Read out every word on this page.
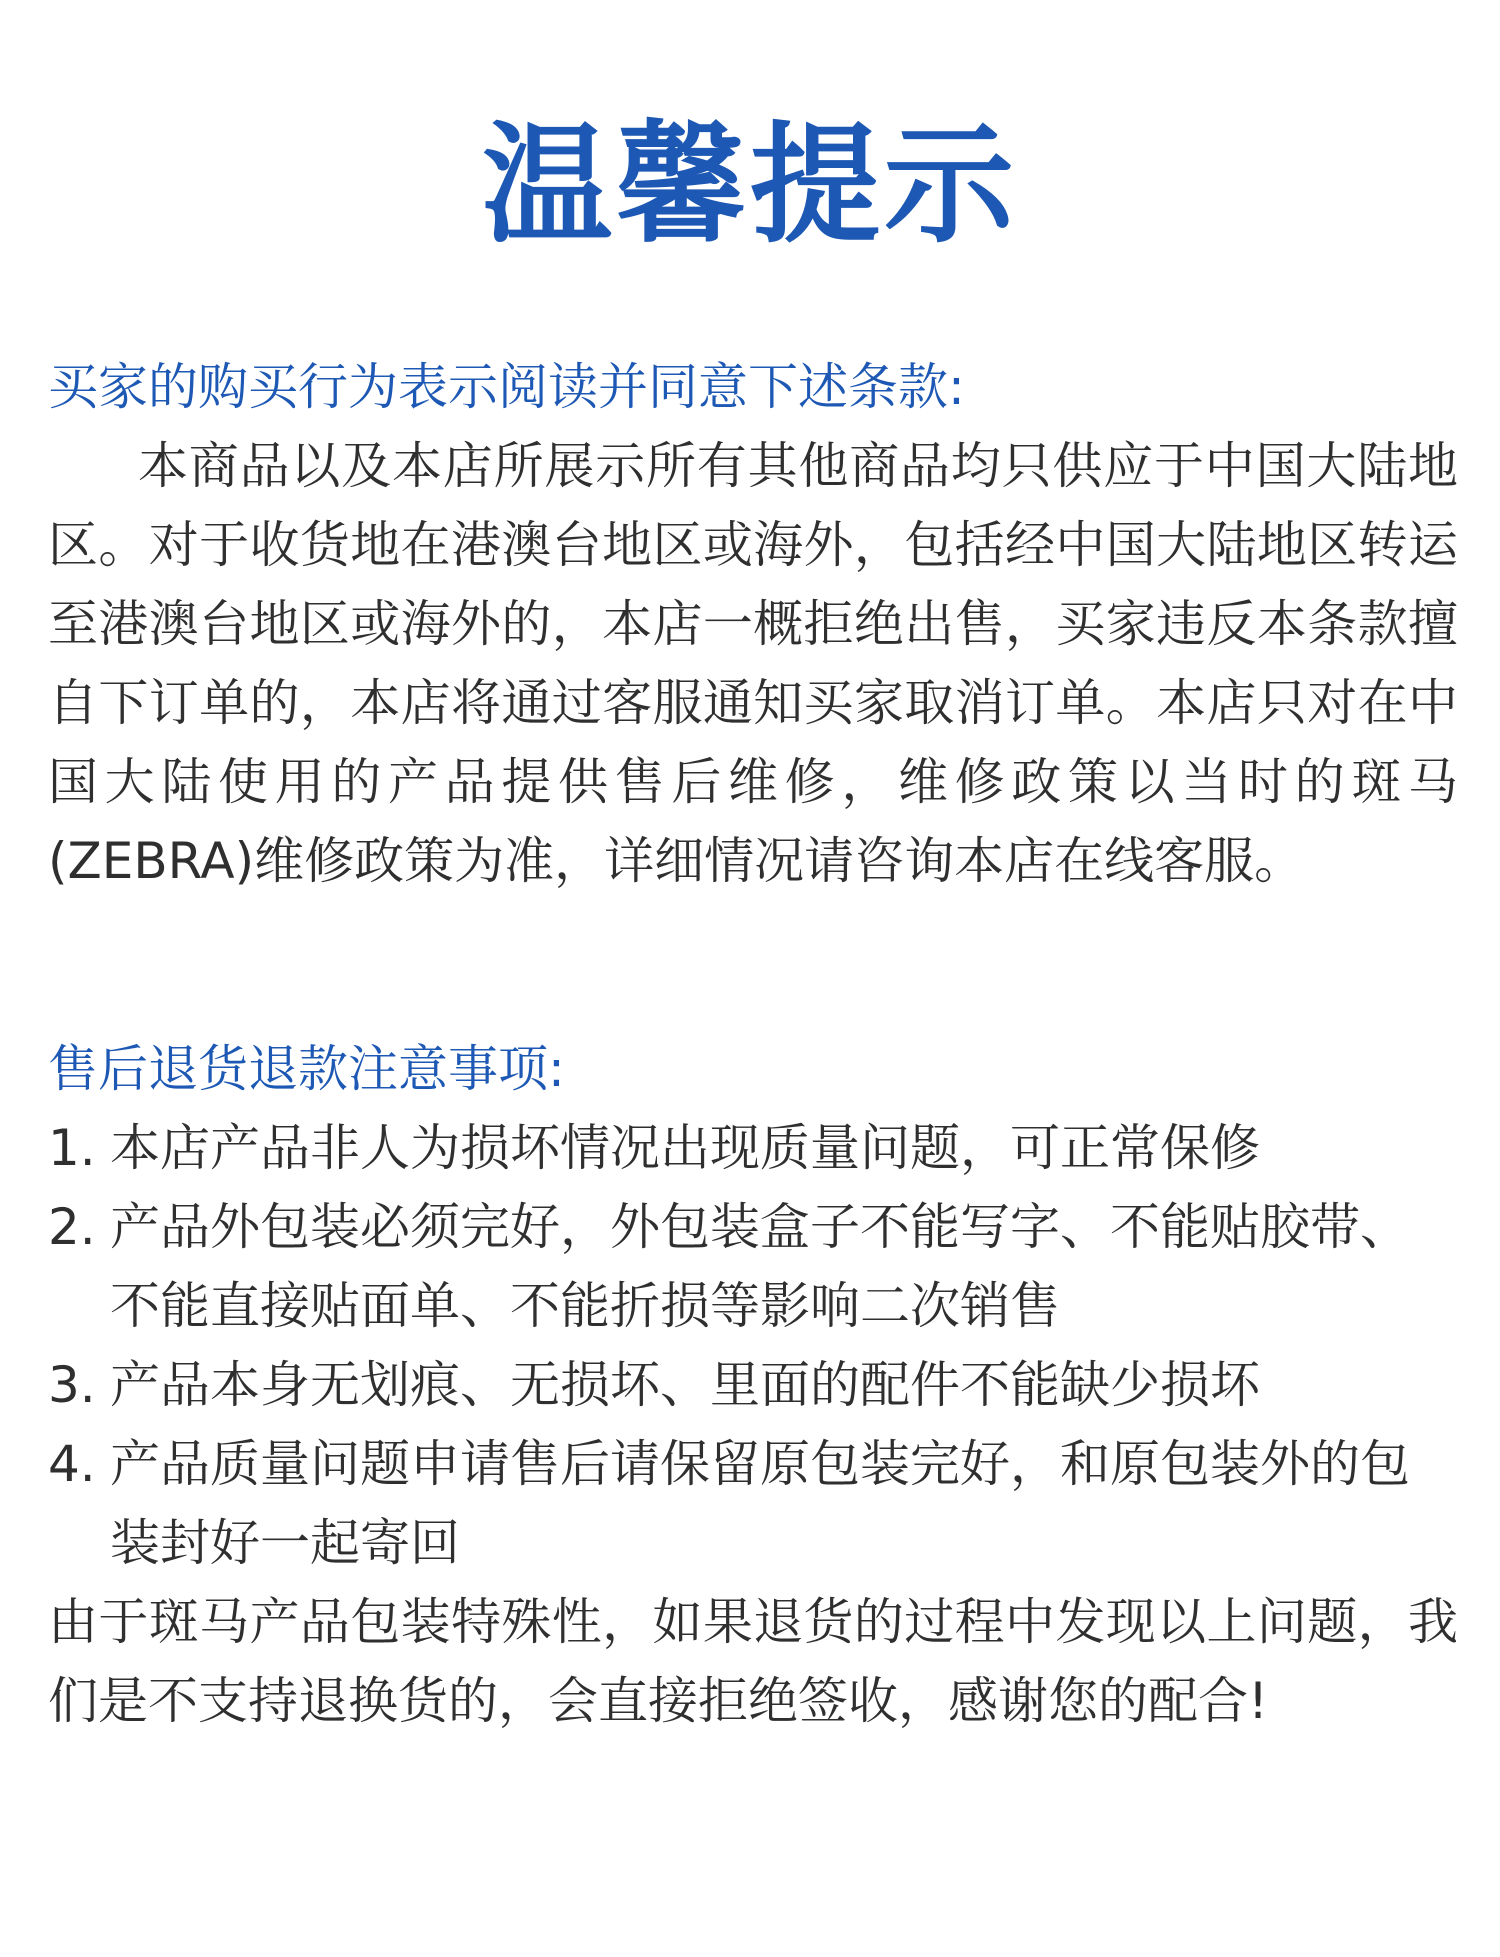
温馨提示

买家的购买行为表示阅读并同意下述条款:

本商品以及本店所展示所有其他商品均只供应于中国大陆地区。对于收货地在港澳台地区或海外，包括经中国大陆地区转运至港澳台地区或海外的，本店一概拒绝出售，买家违反本条款擅自下订单的，本店将通过客服通知买家取消订单。本店只对在中国大陆使用的产品提供售后维修，维修政策以当时的斑马(ZEBRA)维修政策为准，详细情况请咨询本店在线客服。

售后退货退款注意事项:

1. 本店产品非人为损坏情况出现质量问题，可正常保修
2. 产品外包装必须完好，外包装盒子不能写字、不能贴胶带、不能直接贴面单、不能折损等影响二次销售
3. 产品本身无划痕、无损坏、里面的配件不能缺少损坏
4. 产品质量问题申请售后请保留原包装完好，和原包装外的包装封好一起寄回

由于斑马产品包装特殊性，如果退货的过程中发现以上问题，我们是不支持退换货的，会直接拒绝签收，感谢您的配合!
